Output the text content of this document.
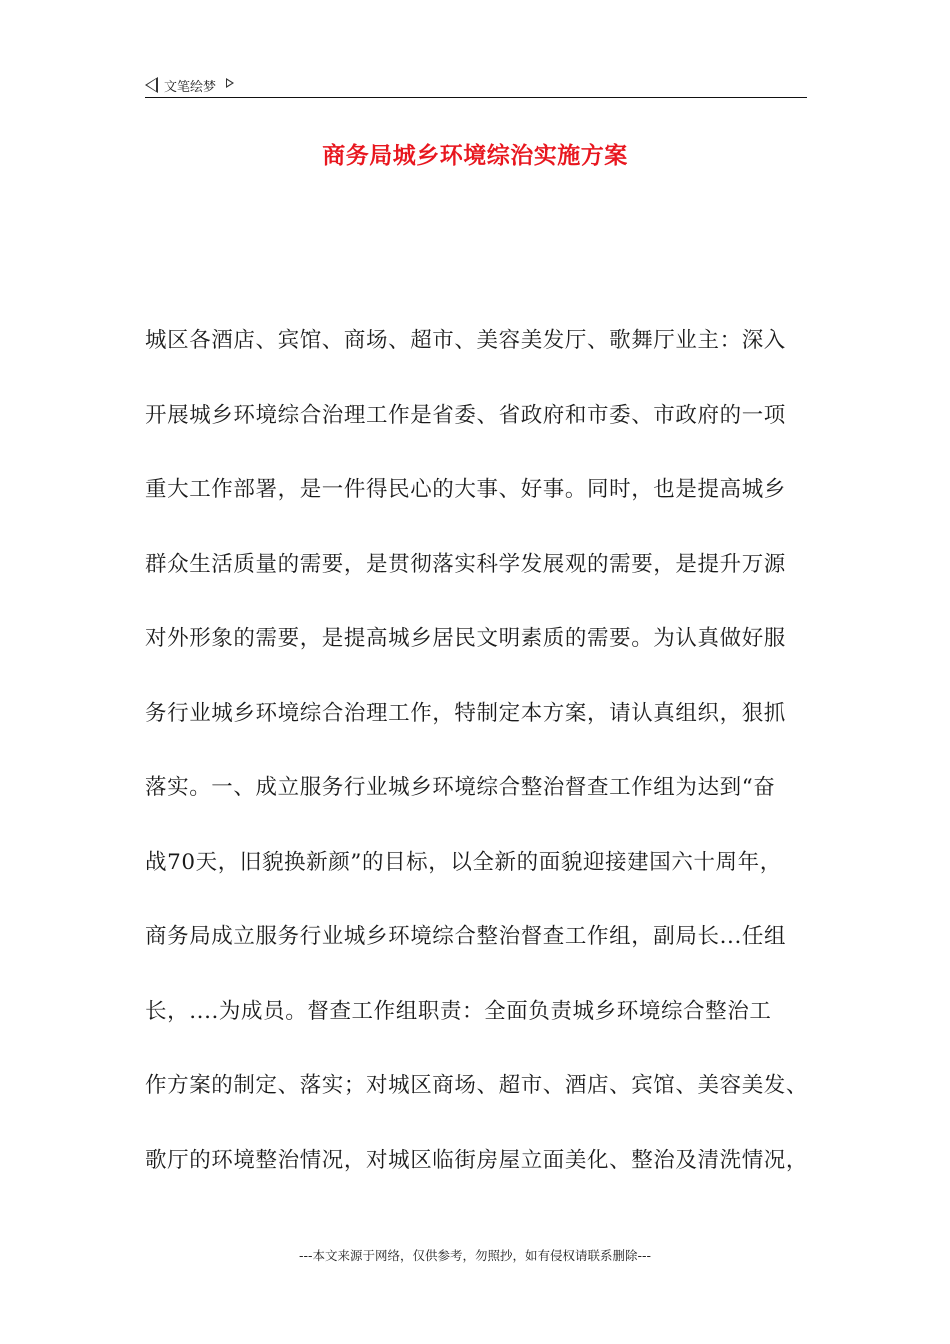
文笔绘梦
商务局城乡环境综治实施方案
城区各酒店、宾馆、商场、超市、美容美发厅、歌舞厅业主：深入
开展城乡环境综合治理工作是省委、省政府和市委、市政府的一项
重大工作部署，是一件得民心的大事、好事。同时，也是提高城乡
群众生活质量的需要，是贯彻落实科学发展观的需要，是提升万源
对外形象的需要，是提高城乡居民文明素质的需要。为认真做好服
务行业城乡环境综合治理工作，特制定本方案，请认真组织，狠抓
落实。一、成立服务行业城乡环境综合整治督查工作组为达到“奋
战70天，旧貌换新颜”的目标，以全新的面貌迎接建国六十周年，
商务局成立服务行业城乡环境综合整治督查工作组，副局长...任组
长，....为成员。督查工作组职责：全面负责城乡环境综合整治工
作方案的制定、落实；对城区商场、超市、酒店、宾馆、美容美发、
歌厅的环境整治情况，对城区临街房屋立面美化、整治及清洗情况，
---本文来源于网络，仅供参考，勿照抄，如有侵权请联系删除---
